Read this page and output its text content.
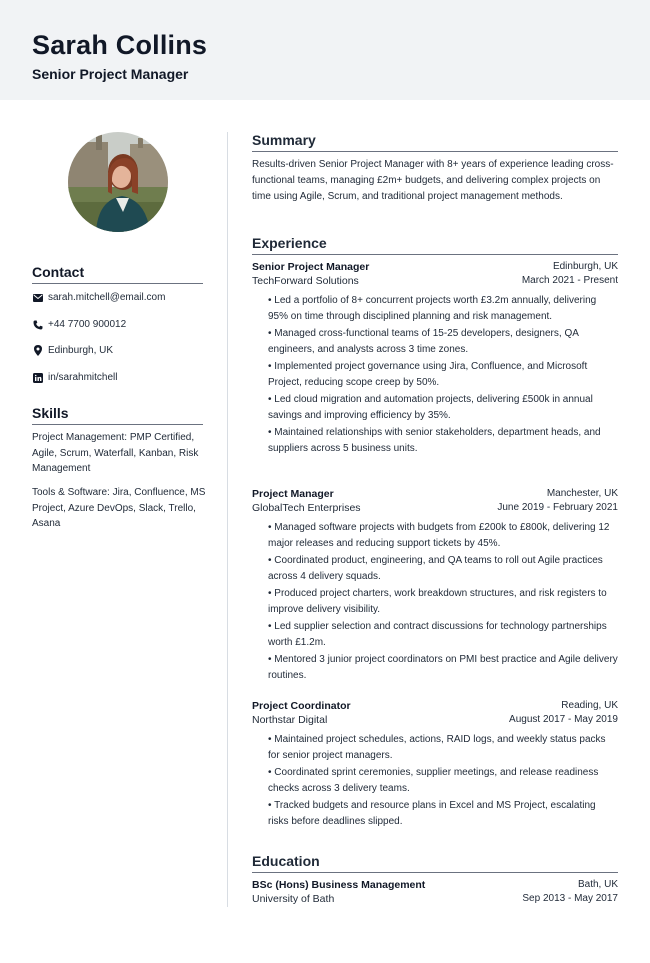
Sarah Collins
Senior Project Manager
Contact
sarah.mitchell@email.com
+44 7700 900012
Edinburgh, UK
in/sarahmitchell
Skills
Project Management: PMP Certified, Agile, Scrum, Waterfall, Kanban, Risk Management
Tools & Software: Jira, Confluence, MS Project, Azure DevOps, Slack, Trello, Asana
Summary
Results-driven Senior Project Manager with 8+ years of experience leading cross-functional teams, managing £2m+ budgets, and delivering complex projects on time using Agile, Scrum, and traditional project management methods.
Experience
Senior Project Manager	Edinburgh, UK
TechForward Solutions	March 2021 - Present
• Led a portfolio of 8+ concurrent projects worth £3.2m annually, delivering 95% on time through disciplined planning and risk management.
• Managed cross-functional teams of 15-25 developers, designers, QA engineers, and analysts across 3 time zones.
• Implemented project governance using Jira, Confluence, and Microsoft Project, reducing scope creep by 50%.
• Led cloud migration and automation projects, delivering £500k in annual savings and improving efficiency by 35%.
• Maintained relationships with senior stakeholders, department heads, and suppliers across 5 business units.
Project Manager	Manchester, UK
GlobalTech Enterprises	June 2019 - February 2021
• Managed software projects with budgets from £200k to £800k, delivering 12 major releases and reducing support tickets by 45%.
• Coordinated product, engineering, and QA teams to roll out Agile practices across 4 delivery squads.
• Produced project charters, work breakdown structures, and risk registers to improve delivery visibility.
• Led supplier selection and contract discussions for technology partnerships worth £1.2m.
• Mentored 3 junior project coordinators on PMI best practice and Agile delivery routines.
Project Coordinator	Reading, UK
Northstar Digital	August 2017 - May 2019
• Maintained project schedules, actions, RAID logs, and weekly status packs for senior project managers.
• Coordinated sprint ceremonies, supplier meetings, and release readiness checks across 3 delivery teams.
• Tracked budgets and resource plans in Excel and MS Project, escalating risks before deadlines slipped.
Education
BSc (Hons) Business Management	Bath, UK
University of Bath	Sep 2013 - May 2017
